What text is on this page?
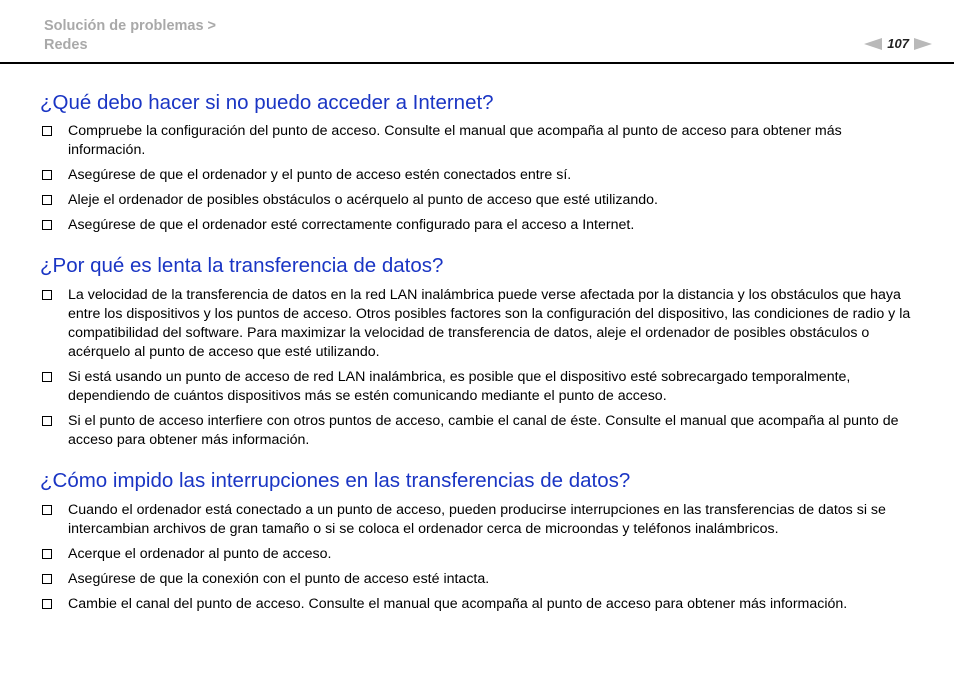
Solución de problemas >
Redes	107
¿Qué debo hacer si no puedo acceder a Internet?
Compruebe la configuración del punto de acceso. Consulte el manual que acompaña al punto de acceso para obtener más información.
Asegúrese de que el ordenador y el punto de acceso estén conectados entre sí.
Aleje el ordenador de posibles obstáculos o acérquelo al punto de acceso que esté utilizando.
Asegúrese de que el ordenador esté correctamente configurado para el acceso a Internet.
¿Por qué es lenta la transferencia de datos?
La velocidad de la transferencia de datos en la red LAN inalámbrica puede verse afectada por la distancia y los obstáculos que haya entre los dispositivos y los puntos de acceso. Otros posibles factores son la configuración del dispositivo, las condiciones de radio y la compatibilidad del software. Para maximizar la velocidad de transferencia de datos, aleje el ordenador de posibles obstáculos o acérquelo al punto de acceso que esté utilizando.
Si está usando un punto de acceso de red LAN inalámbrica, es posible que el dispositivo esté sobrecargado temporalmente, dependiendo de cuántos dispositivos más se estén comunicando mediante el punto de acceso.
Si el punto de acceso interfiere con otros puntos de acceso, cambie el canal de éste. Consulte el manual que acompaña al punto de acceso para obtener más información.
¿Cómo impido las interrupciones en las transferencias de datos?
Cuando el ordenador está conectado a un punto de acceso, pueden producirse interrupciones en las transferencias de datos si se intercambian archivos de gran tamaño o si se coloca el ordenador cerca de microondas y teléfonos inalámbricos.
Acerque el ordenador al punto de acceso.
Asegúrese de que la conexión con el punto de acceso esté intacta.
Cambie el canal del punto de acceso. Consulte el manual que acompaña al punto de acceso para obtener más información.
